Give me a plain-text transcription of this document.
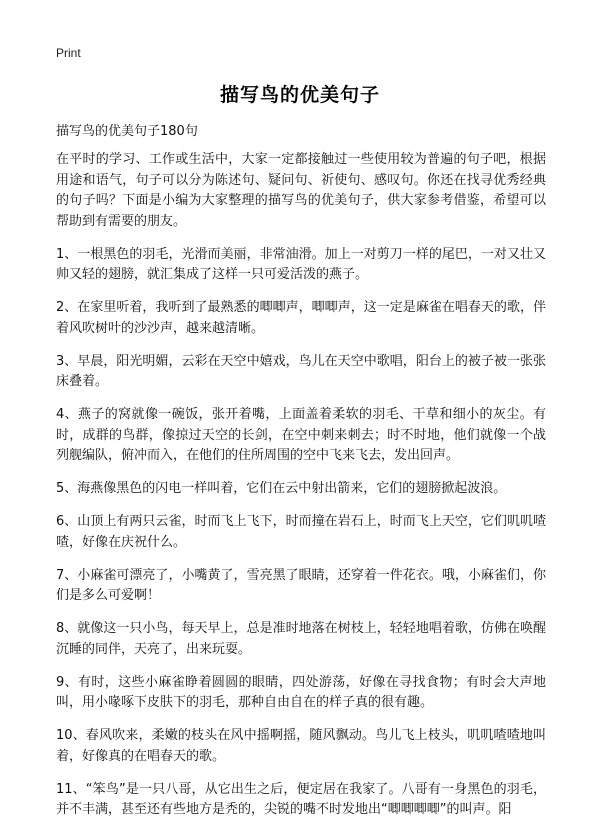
Print
描写鸟的优美句子
描写鸟的优美句子180句

在平时的学习、工作或生活中，大家一定都接触过一些使用较为普遍的句子吧，根据用途和语气，句子可以分为陈述句、疑问句、祈使句、感叹句。你还在找寻优秀经典的句子吗？下面是小编为大家整理的描写鸟的优美句子，供大家参考借鉴，希望可以帮助到有需要的朋友。

1、一根黑色的羽毛，光滑而美丽，非常油滑。加上一对剪刀一样的尾巴，一对又壮又帅又轻的翅膀，就汇集成了这样一只可爱活泼的燕子。

2、在家里听着，我听到了最熟悉的唧唧声，唧唧声，这一定是麻雀在唱春天的歌，伴着风吹树叶的沙沙声，越来越清晰。

3、早晨，阳光明媚，云彩在天空中嬉戏，鸟儿在天空中歌唱，阳台上的被子被一张张床叠着。

4、燕子的窝就像一碗饭，张开着嘴，上面盖着柔软的羽毛、干草和细小的灰尘。有时，成群的鸟群，像掠过天空的长剑，在空中刺来刺去；时不时地，他们就像一个战列舰编队，俯冲而入，在他们的住所周围的空中飞来飞去，发出回声。

5、海燕像黑色的闪电一样叫着，它们在云中射出箭来，它们的翅膀掀起波浪。

6、山顶上有两只云雀，时而飞上飞下，时而撞在岩石上，时而飞上天空，它们叽叽喳喳，好像在庆祝什么。

7、小麻雀可漂亮了，小嘴黄了，雪亮黑了眼睛，还穿着一件花衣。哦，小麻雀们，你们是多么可爱啊！

8、就像这一只小鸟，每天早上，总是准时地落在树枝上，轻轻地唱着歌，仿佛在唤醒沉睡的同伴，天亮了，出来玩耍。

9、有时，这些小麻雀睁着圆圆的眼睛，四处游荡，好像在寻找食物；有时会大声地叫，用小喙啄下皮肤下的羽毛，那种自由自在的样子真的很有趣。

10、春风吹来，柔嫩的枝头在风中摇啊摇，随风飘动。鸟儿飞上枝头，叽叽喳喳地叫着，好像真的在唱春天的歌。

11、“笨鸟”是一只八哥，从它出生之后，便定居在我家了。八哥有一身黑色的羽毛，并不丰满，甚至还有些地方是秃的，尖锐的嘴不时发地出“唧唧唧唧”的叫声。阳
